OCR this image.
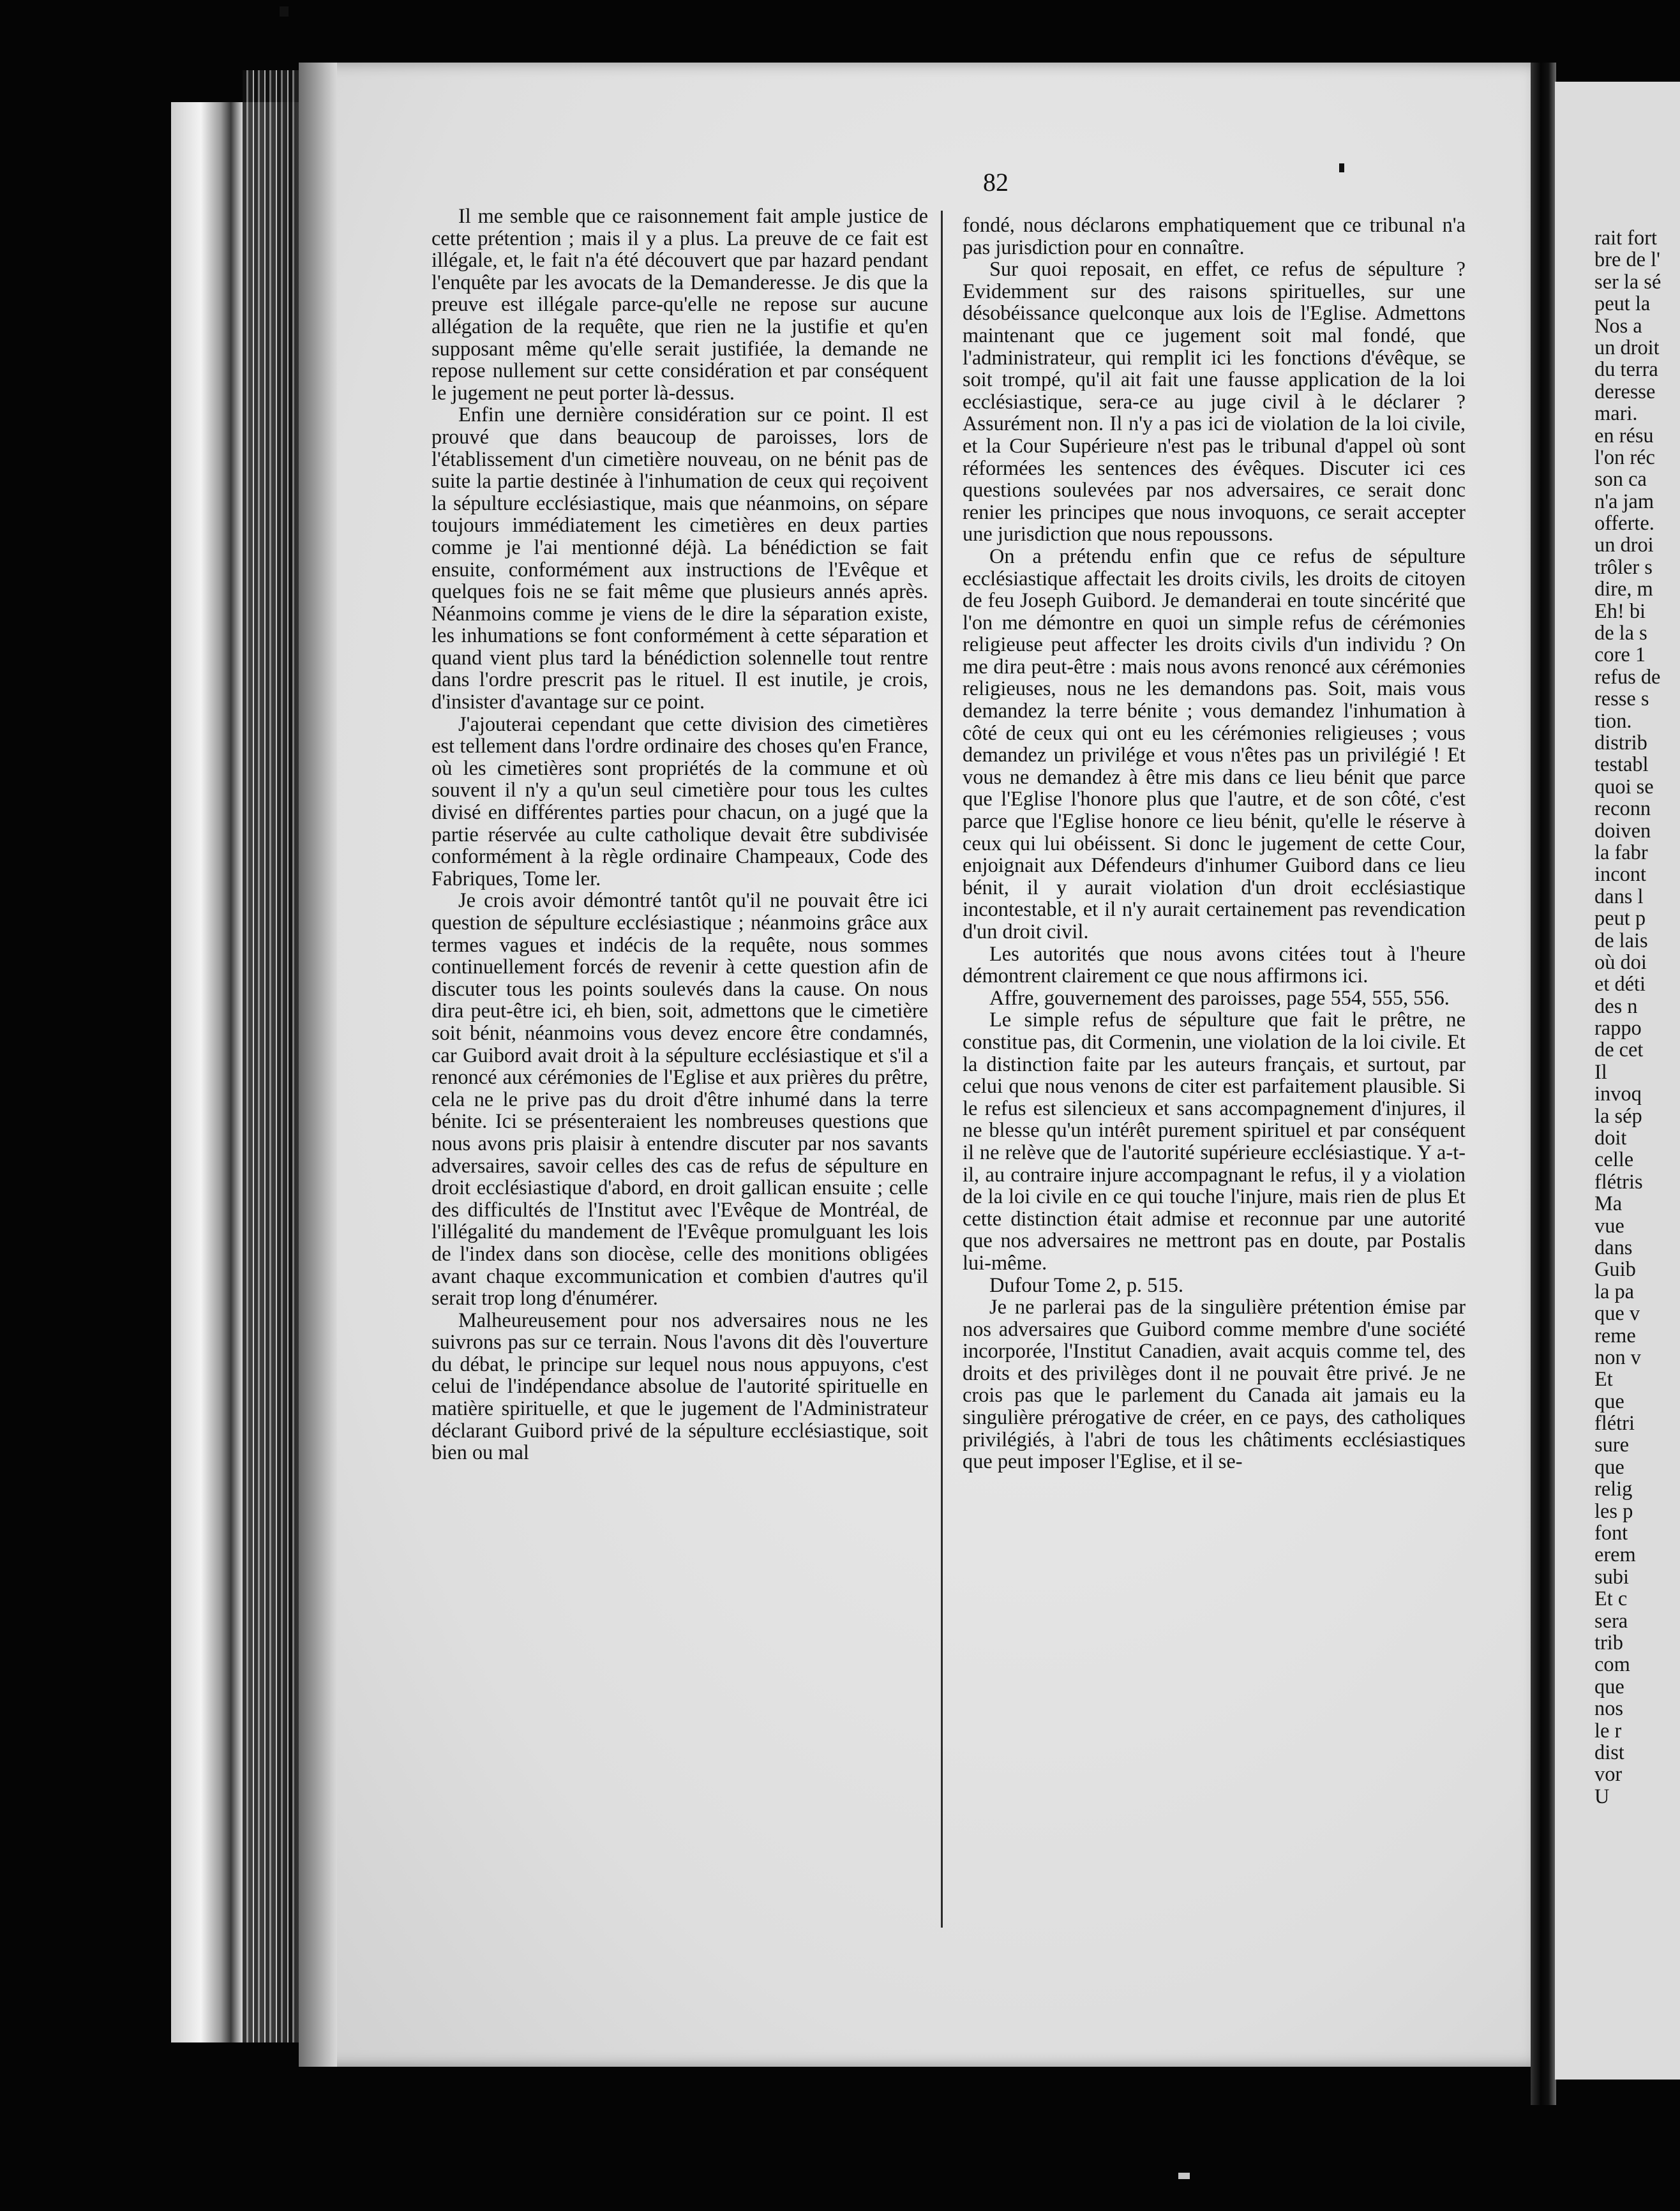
82

Il me semble que ce raisonnement fait ample justice de cette prétention ; mais il y a plus. La preuve de ce fait est illégale, et, le fait n'a été découvert que par hazard pendant l'enquête par les avocats de la Demanderesse. Je dis que la preuve est illégale parce-qu'elle ne repose sur aucune allégation de la requête, que rien ne la justifie et qu'en supposant même qu'elle serait justifiée, la demande ne repose nullement sur cette considération et par conséquent le jugement ne peut porter là-dessus.

Enfin une dernière considération sur ce point. Il est prouvé que dans beaucoup de paroisses, lors de l'établissement d'un cimetière nouveau, on ne bénit pas de suite la partie destinée à l'inhumation de ceux qui reçoivent la sépulture ecclésiastique, mais que néanmoins, on sépare toujours immédiatement les cimetières en deux parties comme je l'ai mentionné déjà. La bénédiction se fait ensuite, conformément aux instructions de l'Evêque et quelques fois ne se fait même que plusieurs annés après. Néanmoins comme je viens de le dire la séparation existe, les inhumations se font conformément à cette séparation et quand vient plus tard la bénédiction solennelle tout rentre dans l'ordre prescrit pas le rituel. Il est inutile, je crois, d'insister d'avantage sur ce point.

J'ajouterai cependant que cette division des cimetières est tellement dans l'ordre ordinaire des choses qu'en France, où les cimetières sont propriétés de la commune et où souvent il n'y a qu'un seul cimetière pour tous les cultes divisé en différentes parties pour chacun, on a jugé que la partie réservée au culte catholique devait être subdivisée conformément à la règle ordinaire Champeaux, Code des Fabriques, Tome ler.

Je crois avoir démontré tantôt qu'il ne pouvait être ici question de sépulture ecclésiastique ; néanmoins grâce aux termes vagues et indécis de la requête, nous sommes continuellement forcés de revenir à cette question afin de discuter tous les points soulevés dans la cause. On nous dira peut-être ici, eh bien, soit, admettons que le cimetière soit bénit, néanmoins vous devez encore être condamnés, car Guibord avait droit à la sépulture ecclésiastique et s'il a renoncé aux cérémonies de l'Eglise et aux prières du prêtre, cela ne le prive pas du droit d'être inhumé dans la terre bénite. Ici se présenteraient les nombreuses questions que nous avons pris plaisir à entendre discuter par nos savants adversaires, savoir celles des cas de refus de sépulture en droit ecclésiastique d'abord, en droit gallican ensuite ; celle des difficultés de l'Institut avec l'Evêque de Montréal, de l'illégalité du mandement de l'Evêque promulguant les lois de l'index dans son diocèse, celle des monitions obligées avant chaque excommunication et combien d'autres qu'il serait trop long d'énumérer.

Malheureusement pour nos adversaires nous ne les suivrons pas sur ce terrain. Nous l'avons dit dès l'ouverture du débat, le principe sur lequel nous nous appuyons, c'est celui de l'indépendance absolue de l'autorité spirituelle en matière spirituelle, et que le jugement de l'Administrateur déclarant Guibord privé de la sépulture ecclésiastique, soit bien ou mal

fondé, nous déclarons emphatiquement que ce tribunal n'a pas jurisdiction pour en connaître.

Sur quoi reposait, en effet, ce refus de sépulture ? Evidemment sur des raisons spirituelles, sur une désobéissance quelconque aux lois de l'Eglise. Admettons maintenant que ce jugement soit mal fondé, que l'administrateur, qui remplit ici les fonctions d'évêque, se soit trompé, qu'il ait fait une fausse application de la loi ecclésiastique, sera-ce au juge civil à le déclarer ? Assurément non. Il n'y a pas ici de violation de la loi civile, et la Cour Supérieure n'est pas le tribunal d'appel où sont réformées les sentences des évêques. Discuter ici ces questions soulevées par nos adversaires, ce serait donc renier les principes que nous invoquons, ce serait accepter une jurisdiction que nous repoussons.

On a prétendu enfin que ce refus de sépulture ecclésiastique affectait les droits civils, les droits de citoyen de feu Joseph Guibord. Je demanderai en toute sincérité que l'on me démontre en quoi un simple refus de cérémonies religieuse peut affecter les droits civils d'un individu ? On me dira peut-être : mais nous avons renoncé aux cérémonies religieuses, nous ne les demandons pas. Soit, mais vous demandez la terre bénite ; vous demandez l'inhumation à côté de ceux qui ont eu les cérémonies religieuses ; vous demandez un privilége et vous n'êtes pas un privilégié ! Et vous ne demandez à être mis dans ce lieu bénit que parce que l'Eglise l'honore plus que l'autre, et de son côté, c'est parce que l'Eglise honore ce lieu bénit, qu'elle le réserve à ceux qui lui obéissent. Si donc le jugement de cette Cour, enjoignait aux Défendeurs d'inhumer Guibord dans ce lieu bénit, il y aurait violation d'un droit ecclésiastique incontestable, et il n'y aurait certainement pas revendication d'un droit civil.

Les autorités que nous avons citées tout à l'heure démontrent clairement ce que nous affirmons ici.

Affre, gouvernement des paroisses, page 554, 555, 556.

Le simple refus de sépulture que fait le prêtre, ne constitue pas, dit Cormenin, une violation de la loi civile. Et la distinction faite par les auteurs français, et surtout, par celui que nous venons de citer est parfaitement plausible. Si le refus est silencieux et sans accompagnement d'injures, il ne blesse qu'un intérêt purement spirituel et par conséquent il ne relève que de l'autorité supérieure ecclésiastique. Y a-t-il, au contraire injure accompagnant le refus, il y a violation de la loi civile en ce qui touche l'injure, mais rien de plus Et cette distinction était admise et reconnue par une autorité que nos adversaires ne mettront pas en doute, par Postalis lui-même.

Dufour Tome 2, p. 515.

Je ne parlerai pas de la singulière prétention émise par nos adversaires que Guibord comme membre d'une société incorporée, l'Institut Canadien, avait acquis comme tel, des droits et des privilèges dont il ne pouvait être privé. Je ne crois pas que le parlement du Canada ait jamais eu la singulière prérogative de créer, en ce pays, des catholiques privilégiés, à l'abri de tous les châtiments ecclésiastiques que peut imposer l'Eglise, et il se-

rait fort
bre de l'
ser la sé
peut la
Nos a
un droit
du terra
deresse
mari.
en résu
l'on réc
son ca
n'a jam
offerte.
un droi
trôler s
dire, m
Eh! bi
de la s
core 1
refus de
resse s
tion.
distrib
testabl
quoi se
reconn
doiven
la fabr
incont
dans l
peut p
de lais
où doi
et déti
des n
rappo
de cet
Il
invoq
la sép
doit
celle
flétris
Ma
vue
dans
Guib
la pa
que v
reme
non v
Et
que
flétri
sure
que
relig
les p
font
erem
subi
Et c
sera
trib
com
que
nos
le r
dist
vor
U
